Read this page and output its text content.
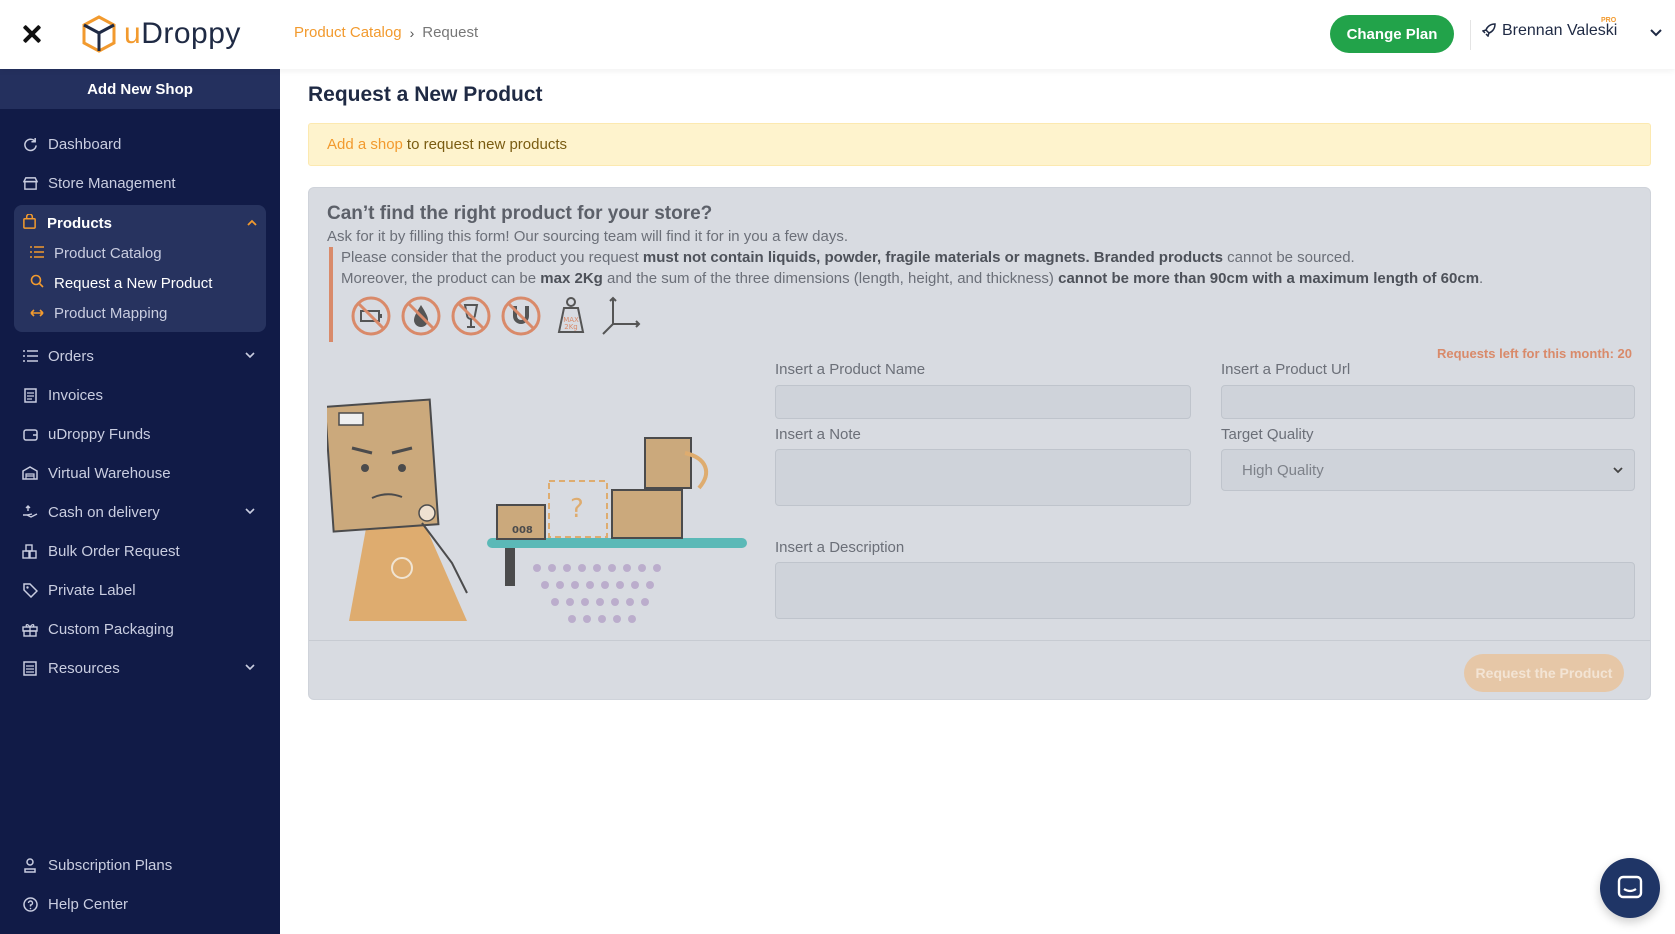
uDroppy	Product Catalog › Request	Change Plan	Brennan Valeski
PRO
Add New Shop
Dashboard
Store Management
Products
Product Catalog
Request a New Product
Product Mapping
Orders
Invoices
uDroppy Funds
Virtual Warehouse
Cash on delivery
Bulk Order Request
Private Label
Custom Packaging
Resources
Subscription Plans
Help Center
Request a New Product
Add a shop to request new products
Can’t find the right product for your store?
Ask for it by filling this form! Our sourcing team will find it for in you a few days.

Please consider that the product you request must not contain liquids, powder, fragile materials or magnets. Branded products cannot be sourced.

Moreover, the product can be max 2Kg and the sum of the three dimensions (length, height, and thickness) cannot be more than 90cm with a maximum length of 60cm.

MAX
2Kg
Requests left for this month: 20
Insert a Product Name	Insert a Product Url
Insert a Note	Target Quality
High Quality
Insert a Description
008
?
Request the Product
